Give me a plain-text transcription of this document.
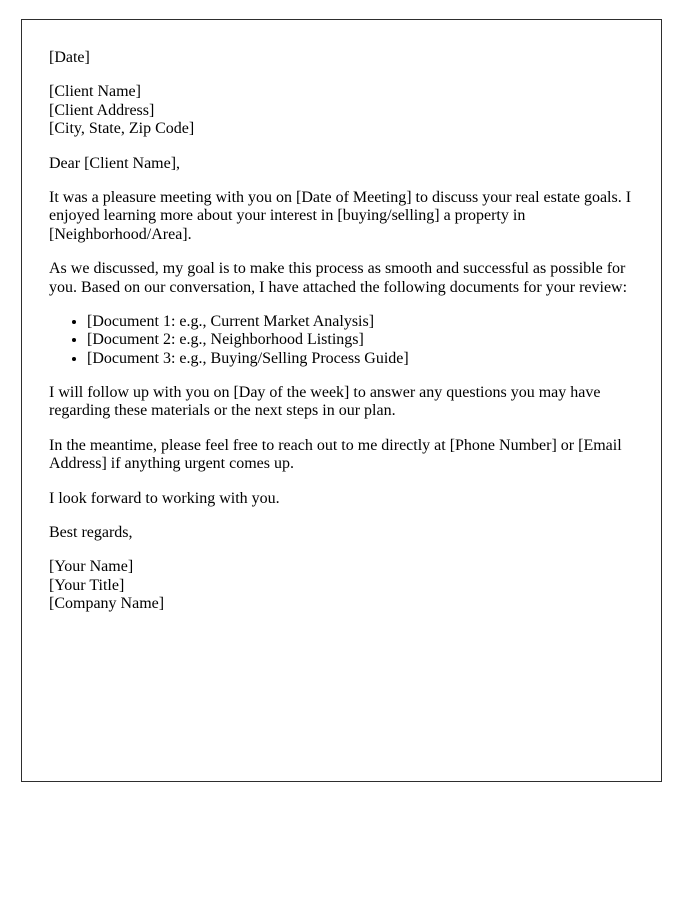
[Date]

[Client Name]
[Client Address]
[City, State, Zip Code]

Dear [Client Name],

It was a pleasure meeting with you on [Date of Meeting] to discuss your real estate goals. I enjoyed learning more about your interest in [buying/selling] a property in [Neighborhood/Area].

As we discussed, my goal is to make this process as smooth and successful as possible for you. Based on our conversation, I have attached the following documents for your review:

• [Document 1: e.g., Current Market Analysis]
• [Document 2: e.g., Neighborhood Listings]
• [Document 3: e.g., Buying/Selling Process Guide]

I will follow up with you on [Day of the week] to answer any questions you may have regarding these materials or the next steps in our plan.

In the meantime, please feel free to reach out to me directly at [Phone Number] or [Email Address] if anything urgent comes up.

I look forward to working with you.

Best regards,

[Your Name]
[Your Title]
[Company Name]
